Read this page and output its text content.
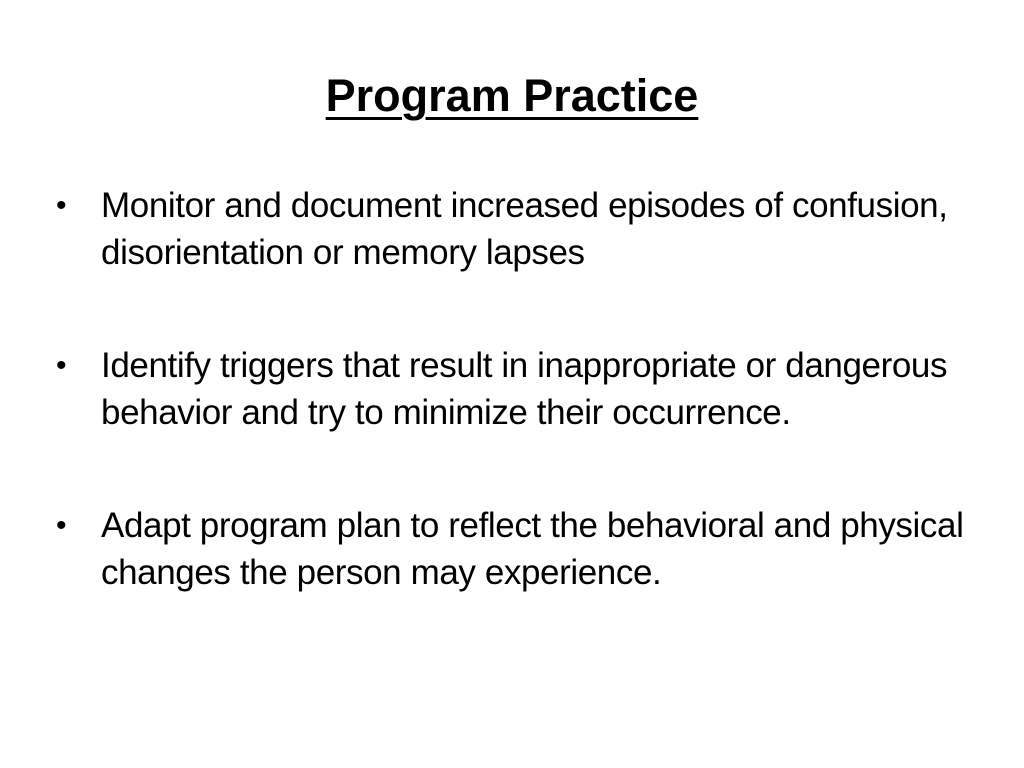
Program Practice
• Monitor and document increased episodes of confusion, disorientation or memory lapses
• Identify triggers that result in inappropriate or dangerous behavior and try to minimize their occurrence.
• Adapt program plan to reflect the behavioral and physical changes the person may experience.
